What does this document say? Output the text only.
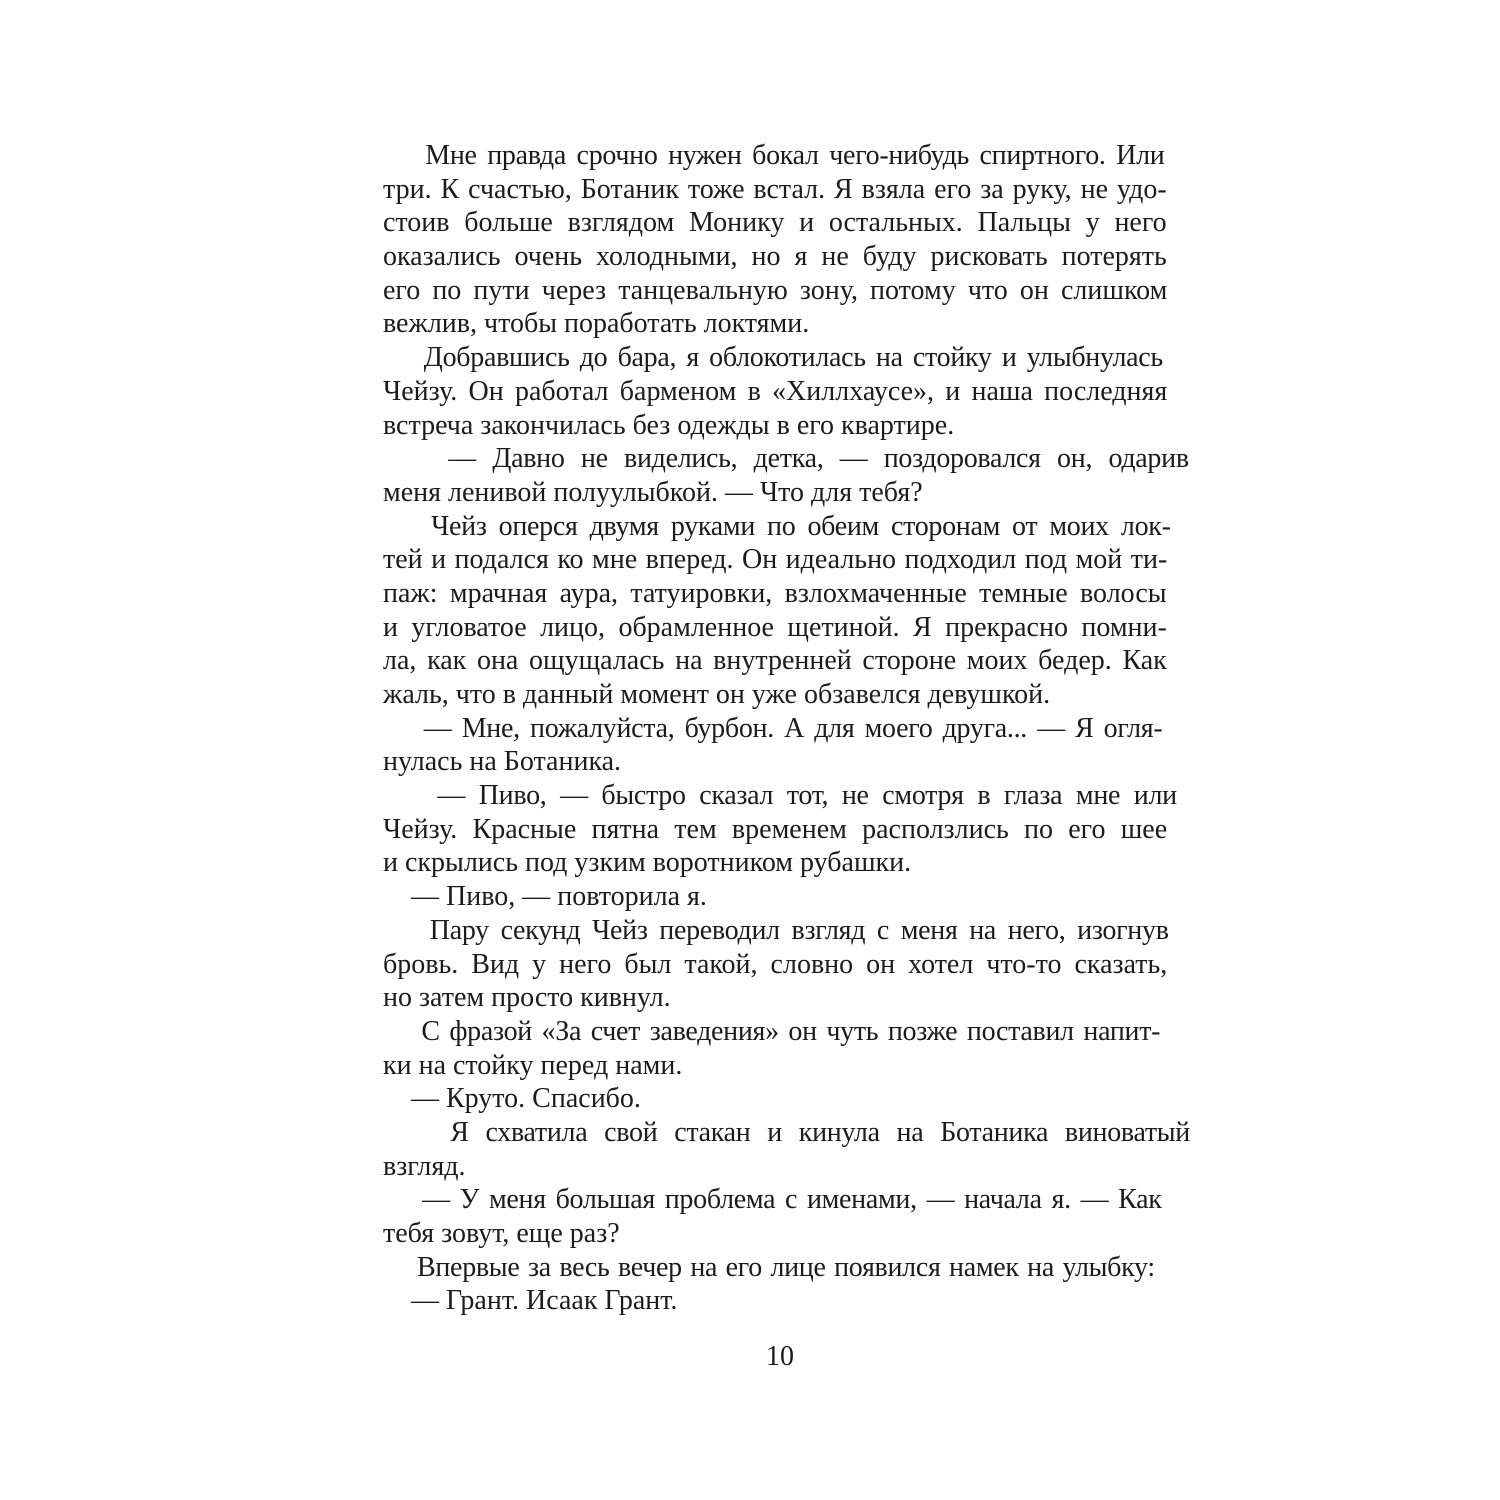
Мне правда срочно нужен бокал чего-нибудь спиртного. Или
три. К счастью, Ботаник тоже встал. Я взяла его за руку, не удо-
стоив больше взглядом Монику и остальных. Пальцы у него
оказались очень холодными, но я не буду рисковать потерять
его по пути через танцевальную зону, потому что он слишком
вежлив, чтобы поработать локтями.
Добравшись до бара, я облокотилась на стойку и улыбнулась
Чейзу. Он работал барменом в «Хиллхаусе», и наша последняя
встреча закончилась без одежды в его квартире.
— Давно не виделись, детка, — поздоровался он, одарив
меня ленивой полуулыбкой. — Что для тебя?
Чейз оперся двумя руками по обеим сторонам от моих лок-
тей и подался ко мне вперед. Он идеально подходил под мой ти-
паж: мрачная аура, татуировки, взлохмаченные темные волосы
и угловатое лицо, обрамленное щетиной. Я прекрасно помни-
ла, как она ощущалась на внутренней стороне моих бедер. Как
жаль, что в данный момент он уже обзавелся девушкой.
— Мне, пожалуйста, бурбон. А для моего друга... — Я огля-
нулась на Ботаника.
— Пиво, — быстро сказал тот, не смотря в глаза мне или
Чейзу. Красные пятна тем временем расползлись по его шее
и скрылись под узким воротником рубашки.
— Пиво, — повторила я.
Пару секунд Чейз переводил взгляд с меня на него, изогнув
бровь. Вид у него был такой, словно он хотел что-то сказать,
но затем просто кивнул.
С фразой «За счет заведения» он чуть позже поставил напит-
ки на стойку перед нами.
— Круто. Спасибо.
Я схватила свой стакан и кинула на Ботаника виноватый
взгляд.
— У меня большая проблема с именами, — начала я. — Как
тебя зовут, еще раз?
Впервые за весь вечер на его лице появился намек на улыбку:
— Грант. Исаак Грант.
10
